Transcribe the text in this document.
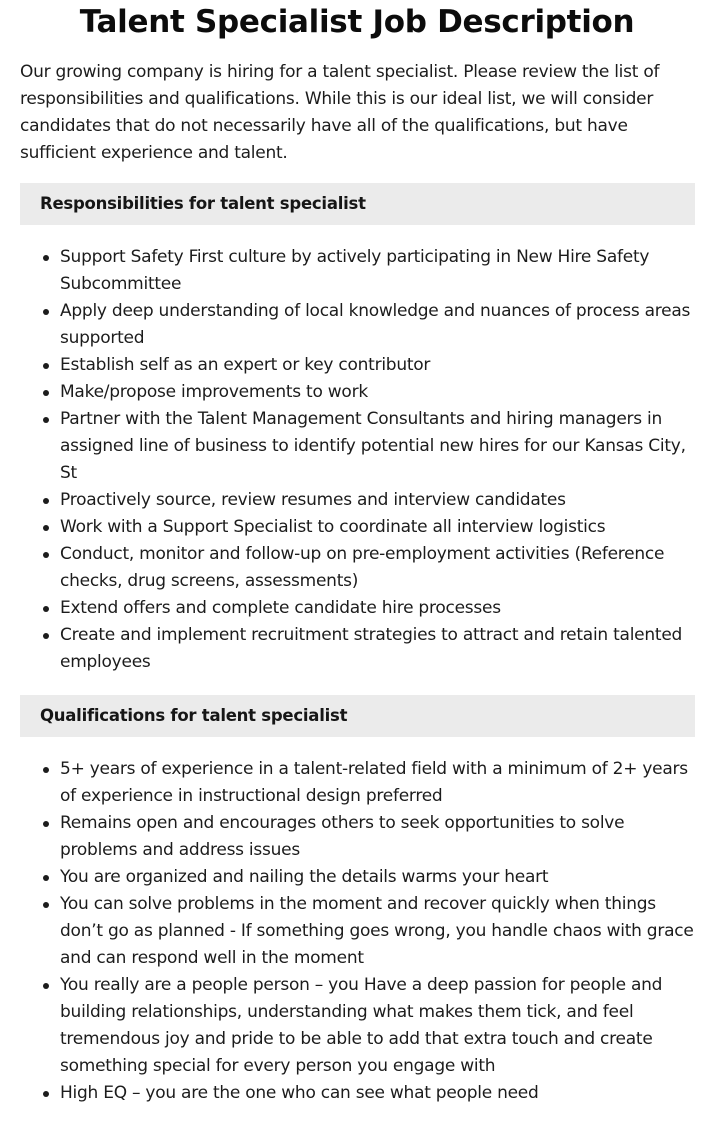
Talent Specialist Job Description

Our growing company is hiring for a talent specialist. Please review the list of responsibilities and qualifications. While this is our ideal list, we will consider candidates that do not necessarily have all of the qualifications, but have sufficient experience and talent.

Responsibilities for talent specialist
Support Safety First culture by actively participating in New Hire Safety Subcommittee
Apply deep understanding of local knowledge and nuances of process areas supported
Establish self as an expert or key contributor
Make/propose improvements to work
Partner with the Talent Management Consultants and hiring managers in assigned line of business to identify potential new hires for our Kansas City, St
Proactively source, review resumes and interview candidates
Work with a Support Specialist to coordinate all interview logistics
Conduct, monitor and follow-up on pre-employment activities (Reference checks, drug screens, assessments)
Extend offers and complete candidate hire processes
Create and implement recruitment strategies to attract and retain talented employees
Qualifications for talent specialist
5+ years of experience in a talent-related field with a minimum of 2+ years of experience in instructional design preferred
Remains open and encourages others to seek opportunities to solve problems and address issues
You are organized and nailing the details warms your heart
You can solve problems in the moment and recover quickly when things don’t go as planned - If something goes wrong, you handle chaos with grace and can respond well in the moment
You really are a people person – you Have a deep passion for people and building relationships, understanding what makes them tick, and feel tremendous joy and pride to be able to add that extra touch and create something special for every person you engage with
High EQ – you are the one who can see what people need
